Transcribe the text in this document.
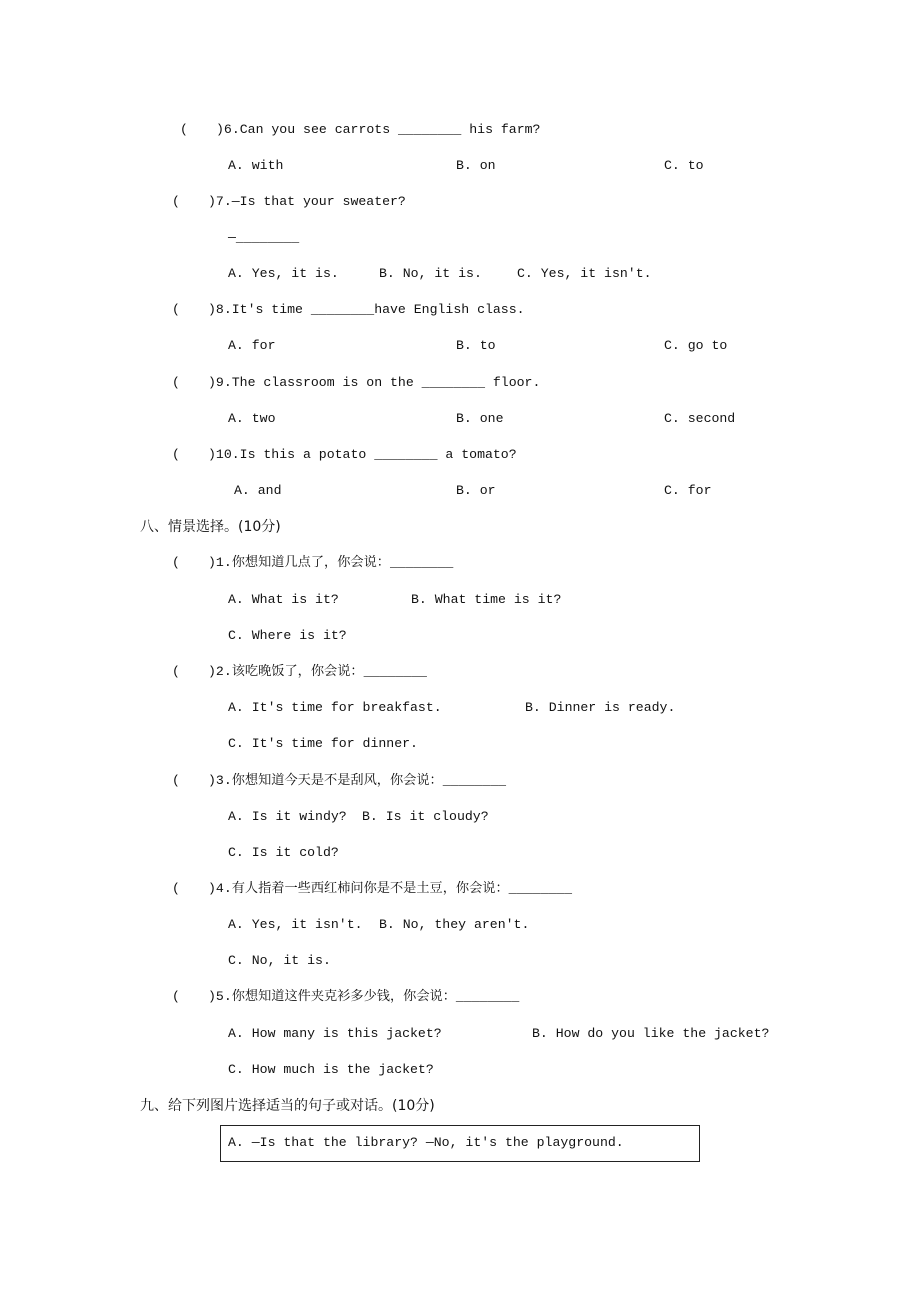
( )6.Can you see carrots ________ his farm?
A. with	B. on	C. to
( )7.—Is that your sweater?
—________
A. Yes, it is.	B. No, it is.	C. Yes, it isn't.
( )8.It's time ________have English class.
A. for	B. to	C. go to
( )9.The classroom is on the ________ floor.
A. two	B. one	C. second
( )10.Is this a potato ________ a tomato?
A. and	B. or	C. for
八、情景选择。(10分)
( )1.你想知道几点了，你会说：________
A. What is it?	B. What time is it?
C. Where is it?
( )2.该吃晚饭了，你会说：________
A. It's time for breakfast.	B. Dinner is ready.
C. It's time for dinner.
( )3.你想知道今天是不是刮风，你会说：________
A. Is it windy? B. Is it cloudy?
C. Is it cold?
( )4.有人指着一些西红柿问你是不是土豆，你会说：________
A. Yes, it isn't. B. No, they aren't.
C. No, it is.
( )5.你想知道这件夹克衫多少钱，你会说：________
A. How many is this jacket?	B. How do you like the jacket?
C. How much is the jacket?
九、给下列图片选择适当的句子或对话。(10分)
A. —Is that the library? —No, it's the playground.
